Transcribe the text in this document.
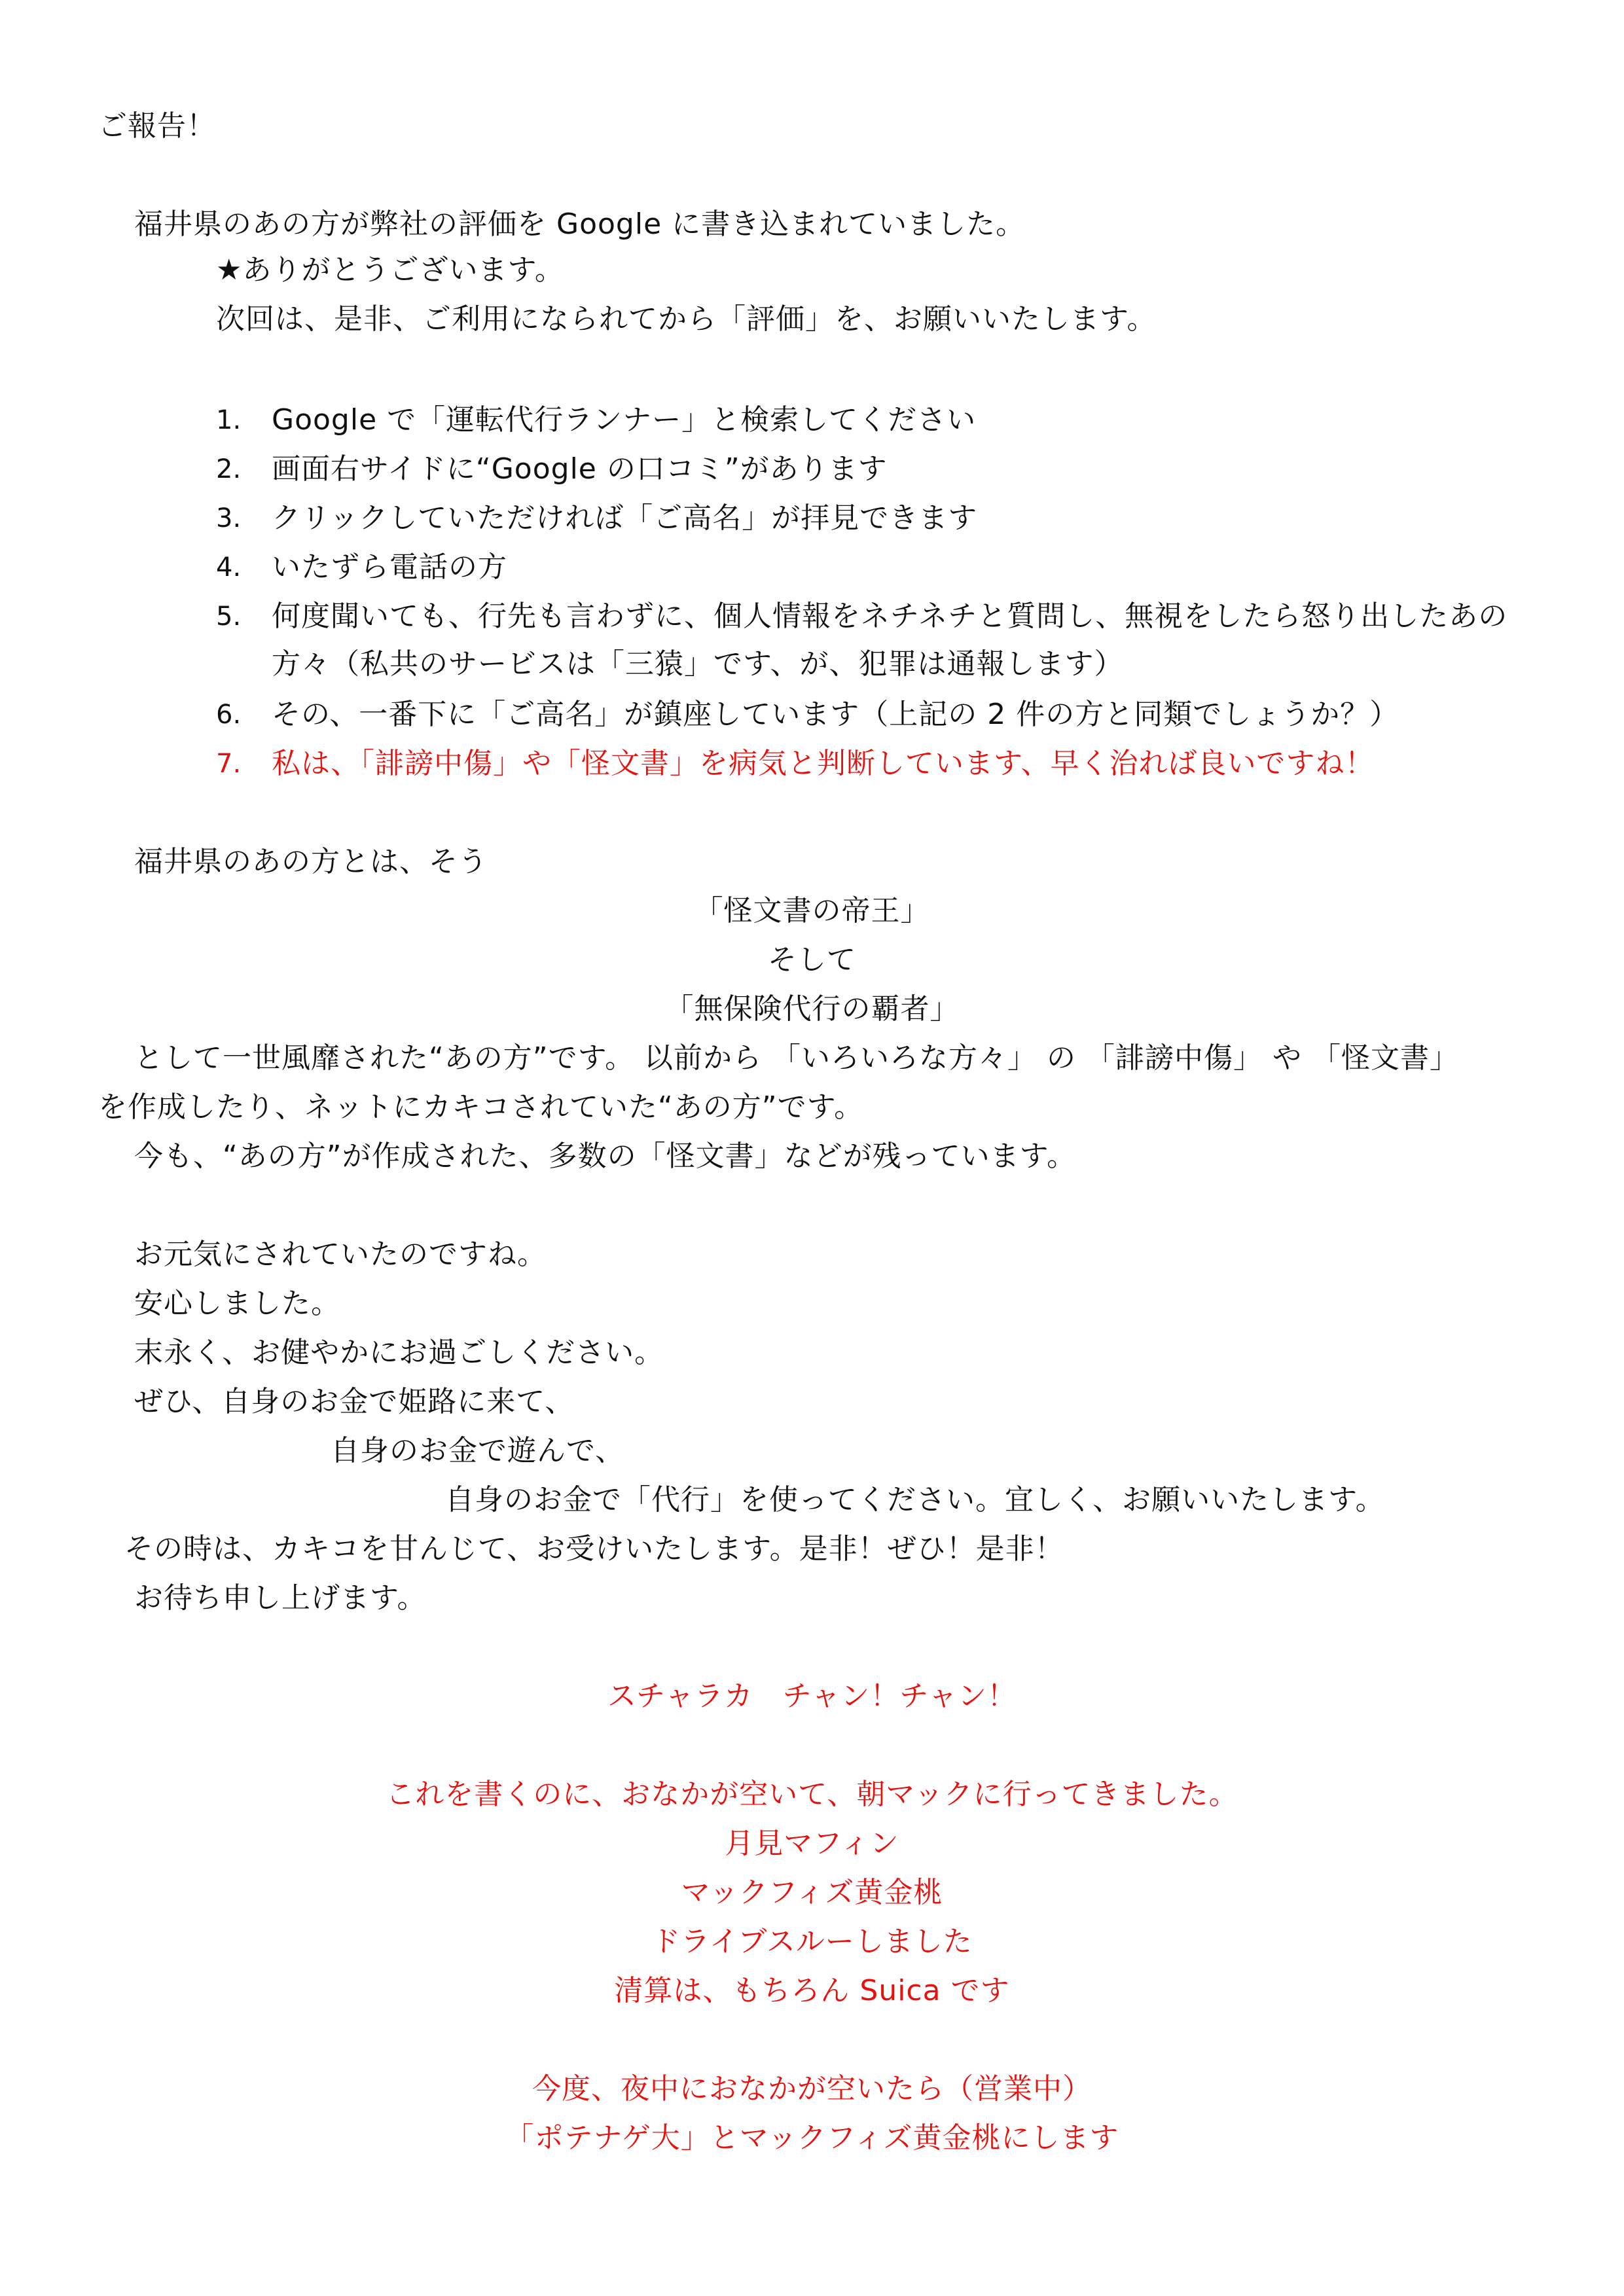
ご報告！
福井県のあの方が弊社の評価を Google に書き込まれていました。
★ありがとうございます。
次回は、是非、ご利用になられてから「評価」を、お願いいたします。
1. Google で「運転代行ランナー」と検索してください
2. 画面右サイドに“Google の口コミ”があります
3. クリックしていただければ「ご高名」が拝見できます
4. いたずら電話の方
5. 何度聞いても、行先も言わずに、個人情報をネチネチと質問し、無視をしたら怒り出したあの
方々（私共のサービスは「三猿」です、が、犯罪は通報します）
6. その、一番下に「ご高名」が鎮座しています（上記の 2 件の方と同類でしょうか？）
7. 私は、「誹謗中傷」や「怪文書」を病気と判断しています、早く治れば良いですね！
福井県のあの方とは、そう
「怪文書の帝王」
そして
「無保険代行の覇者」
として一世風靡された“あの方”です。 以前から 「いろいろな方々」 の 「誹謗中傷」 や 「怪文書」
を作成したり、ネットにカキコされていた“あの方”です。
今も、“あの方”が作成された、多数の「怪文書」などが残っています。
お元気にされていたのですね。
安心しました。
末永く、お健やかにお過ごしください。
ぜひ、自身のお金で姫路に来て、
自身のお金で遊んで、
自身のお金で「代行」を使ってください。宜しく、お願いいたします。
その時は、カキコを甘んじて、お受けいたします。是非！ぜひ！是非！
お待ち申し上げます。
スチャラカ　チャン！チャン！
これを書くのに、おなかが空いて、朝マックに行ってきました。
月見マフィン
マックフィズ黄金桃
ドライブスルーしました
清算は、もちろん Suica です
今度、夜中におなかが空いたら（営業中）
「ポテナゲ大」とマックフィズ黄金桃にします
